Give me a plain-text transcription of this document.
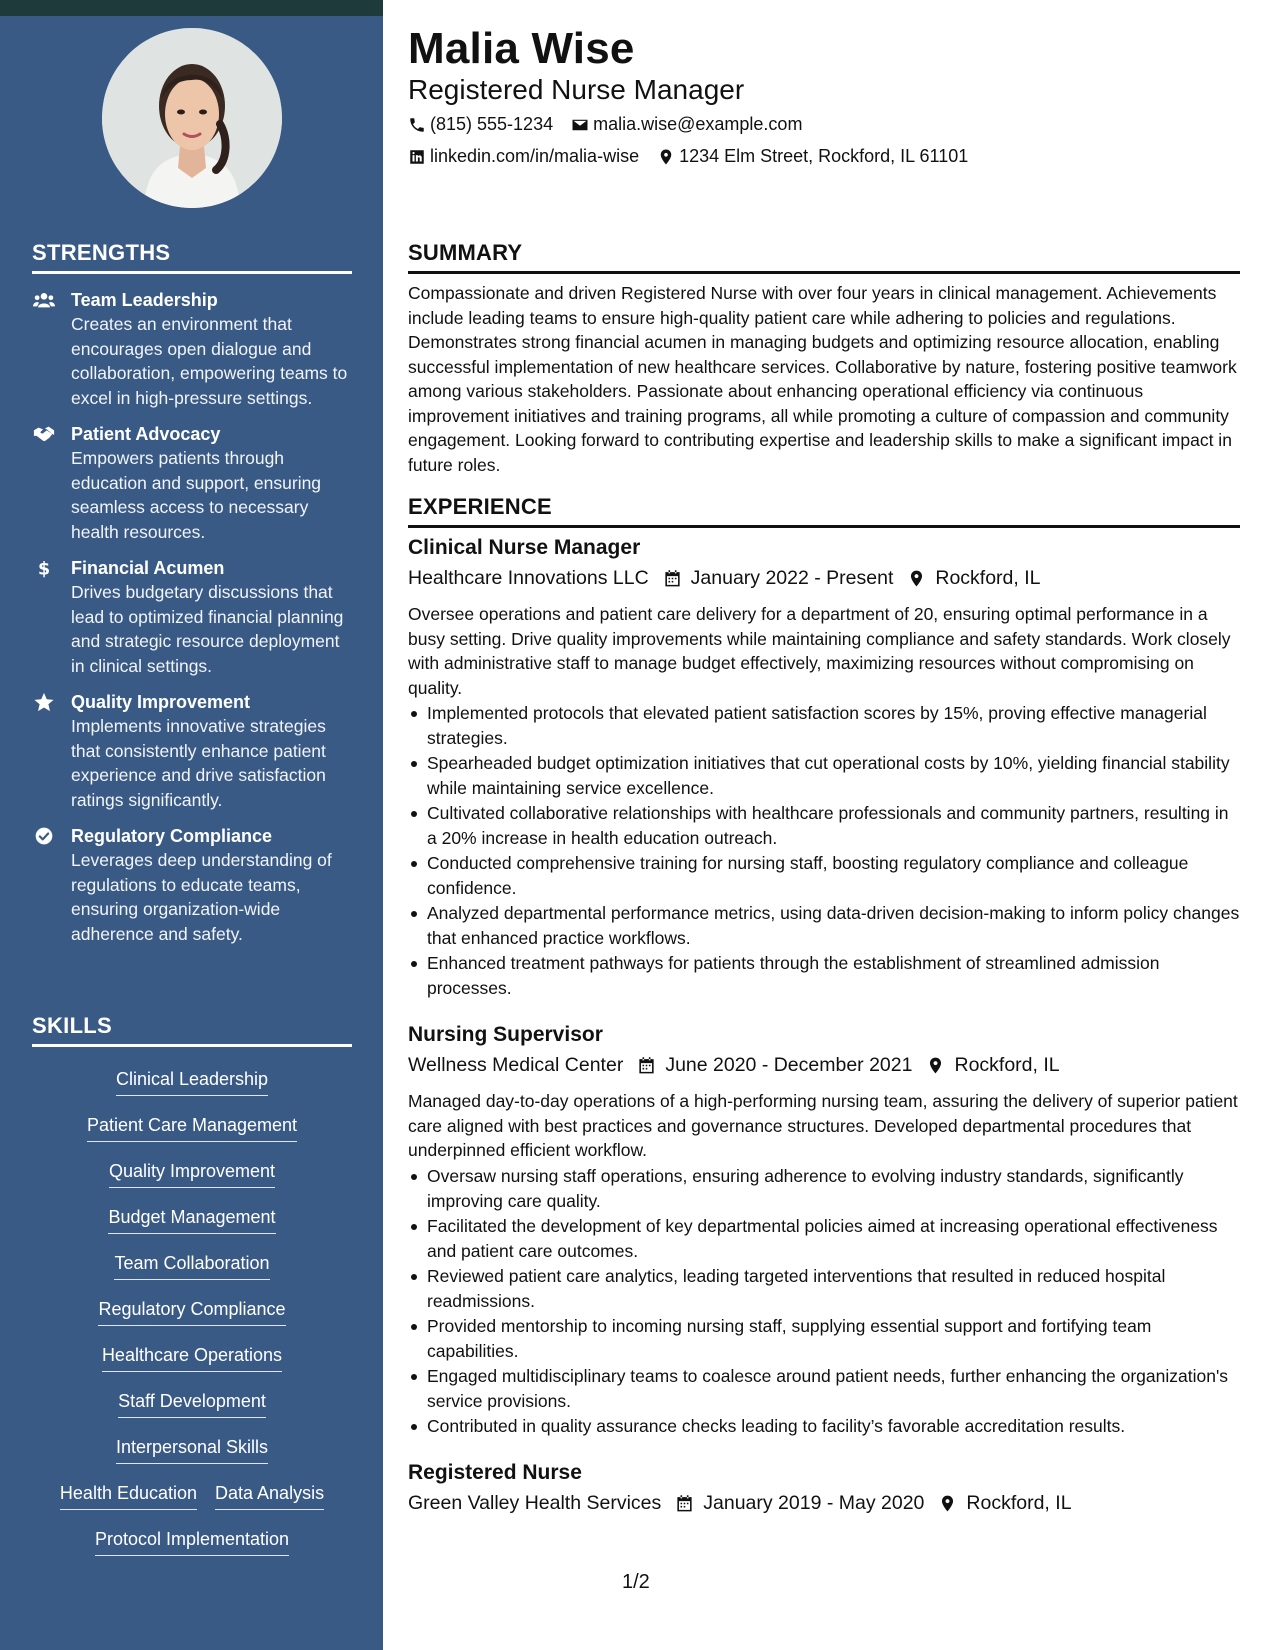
STRENGTHS
Team Leadership
Creates an environment that encourages open dialogue and collaboration, empowering teams to excel in high-pressure settings.
Patient Advocacy
Empowers patients through education and support, ensuring seamless access to necessary health resources.
$ Financial Acumen
Drives budgetary discussions that lead to optimized financial planning and strategic resource deployment in clinical settings.
Quality Improvement
Implements innovative strategies that consistently enhance patient experience and drive satisfaction ratings significantly.
Regulatory Compliance
Leverages deep understanding of regulations to educate teams, ensuring organization-wide adherence and safety.
SKILLS
Clinical Leadership
Patient Care Management
Quality Improvement
Budget Management
Team Collaboration
Regulatory Compliance
Healthcare Operations
Staff Development
Interpersonal Skills
Health Education Data Analysis
Protocol Implementation
Malia Wise
Registered Nurse Manager
(815) 555-1234 malia.wise@example.com
linkedin.com/in/malia-wise 1234 Elm Street, Rockford, IL 61101
SUMMARY
Compassionate and driven Registered Nurse with over four years in clinical management. Achievements include leading teams to ensure high-quality patient care while adhering to policies and regulations. Demonstrates strong financial acumen in managing budgets and optimizing resource allocation, enabling successful implementation of new healthcare services. Collaborative by nature, fostering positive teamwork among various stakeholders. Passionate about enhancing operational efficiency via continuous improvement initiatives and training programs, all while promoting a culture of compassion and community engagement. Looking forward to contributing expertise and leadership skills to make a significant impact in future roles.
EXPERIENCE
Clinical Nurse Manager
Healthcare Innovations LLC January 2022 - Present Rockford, IL
Oversee operations and patient care delivery for a department of 20, ensuring optimal performance in a busy setting. Drive quality improvements while maintaining compliance and safety standards. Work closely with administrative staff to manage budget effectively, maximizing resources without compromising on quality.
Implemented protocols that elevated patient satisfaction scores by 15%, proving effective managerial strategies.
Spearheaded budget optimization initiatives that cut operational costs by 10%, yielding financial stability while maintaining service excellence.
Cultivated collaborative relationships with healthcare professionals and community partners, resulting in a 20% increase in health education outreach.
Conducted comprehensive training for nursing staff, boosting regulatory compliance and colleague confidence.
Analyzed departmental performance metrics, using data-driven decision-making to inform policy changes that enhanced practice workflows.
Enhanced treatment pathways for patients through the establishment of streamlined admission processes.
Nursing Supervisor
Wellness Medical Center June 2020 - December 2021 Rockford, IL
Managed day-to-day operations of a high-performing nursing team, assuring the delivery of superior patient care aligned with best practices and governance structures. Developed departmental procedures that underpinned efficient workflow.
Oversaw nursing staff operations, ensuring adherence to evolving industry standards, significantly improving care quality.
Facilitated the development of key departmental policies aimed at increasing operational effectiveness and patient care outcomes.
Reviewed patient care analytics, leading targeted interventions that resulted in reduced hospital readmissions.
Provided mentorship to incoming nursing staff, supplying essential support and fortifying team capabilities.
Engaged multidisciplinary teams to coalesce around patient needs, further enhancing the organization's service provisions.
Contributed in quality assurance checks leading to facility’s favorable accreditation results.
Registered Nurse
Green Valley Health Services January 2019 - May 2020 Rockford, IL
1/2
